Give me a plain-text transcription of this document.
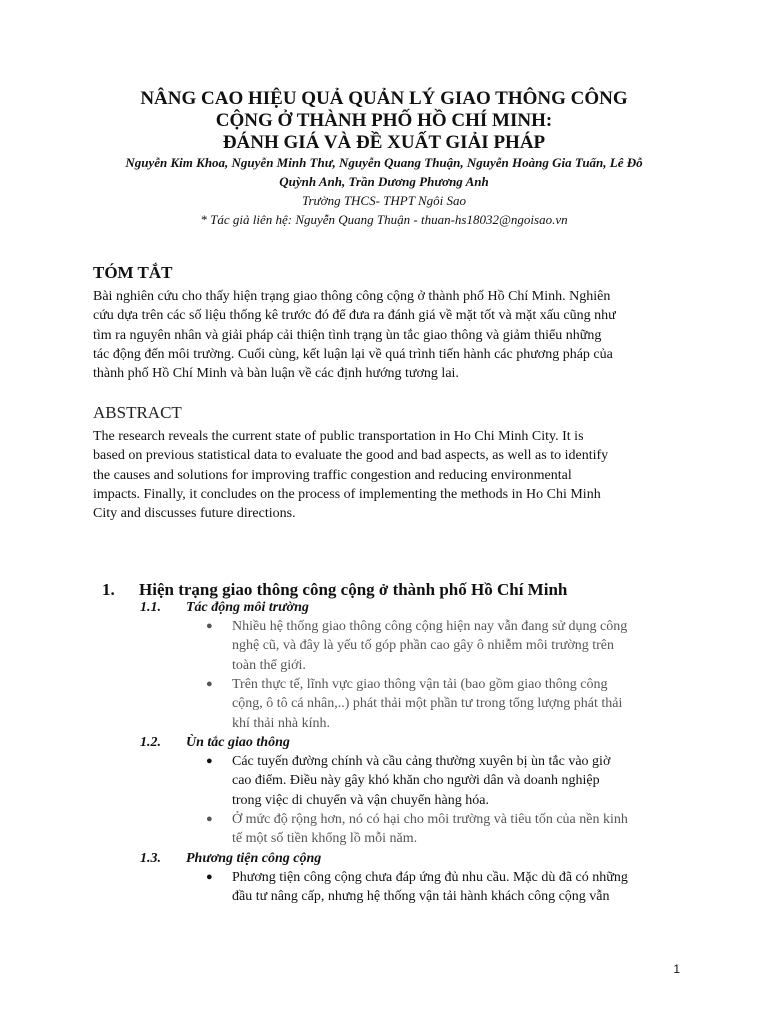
NÂNG CAO HIỆU QUẢ QUẢN LÝ GIAO THÔNG CÔNG
CỘNG Ở THÀNH PHỐ HỒ CHÍ MINH:
ĐÁNH GIÁ VÀ ĐỀ XUẤT GIẢI PHÁP
Nguyễn Kim Khoa, Nguyễn Minh Thư, Nguyễn Quang Thuận, Nguyễn Hoàng Gia Tuấn, Lê Đỗ
Quỳnh Anh, Trần Dương Phương Anh
Trường THCS- THPT Ngôi Sao
* Tác giả liên hệ: Nguyễn Quang Thuận - thuan-hs18032@ngoisao.vn
TÓM TẮT
Bài nghiên cứu cho thấy hiện trạng giao thông công cộng ở thành phố Hồ Chí Minh. Nghiên
cứu dựa trên các số liệu thống kê trước đó để đưa ra đánh giá về mặt tốt và mặt xấu cũng như
tìm ra nguyên nhân và giải pháp cải thiện tình trạng ùn tắc giao thông và giảm thiểu những
tác động đến môi trường. Cuối cùng, kết luận lại về quá trình tiến hành các phương pháp của
thành phố Hồ Chí Minh và bàn luận về các định hướng tương lai.
ABSTRACT
The research reveals the current state of public transportation in Ho Chi Minh City. It is
based on previous statistical data to evaluate the good and bad aspects, as well as to identify
the causes and solutions for improving traffic congestion and reducing environmental
impacts. Finally, it concludes on the process of implementing the methods in Ho Chi Minh
City and discusses future directions.
1. Hiện trạng giao thông công cộng ở thành phố Hồ Chí Minh
1.1. Tác động môi trường
●	Nhiều hệ thống giao thông công cộng hiện nay vẫn đang sử dụng công
nghệ cũ, và đây là yếu tố góp phần cao gây ô nhiễm môi trường trên
toàn thể giới.
●	Trên thực tế, lĩnh vực giao thông vận tải (bao gồm giao thông công
cộng, ô tô cá nhân,..) phát thải một phần tư trong tổng lượng phát thải
khí thải nhà kính.
1.2. Ùn tắc giao thông
●	Các tuyến đường chính và cầu cảng thường xuyên bị ùn tắc vào giờ
cao điểm. Điều này gây khó khăn cho người dân và doanh nghiệp
trong việc di chuyển và vận chuyển hàng hóa.
●	Ở mức độ rộng hơn, nó có hại cho môi trường và tiêu tốn của nền kinh
tế một số tiền khổng lồ mỗi năm.
1.3. Phương tiện công cộng
●	Phương tiện công cộng chưa đáp ứng đủ nhu cầu. Mặc dù đã có những
đầu tư nâng cấp, nhưng hệ thống vận tải hành khách công cộng vẫn
1
